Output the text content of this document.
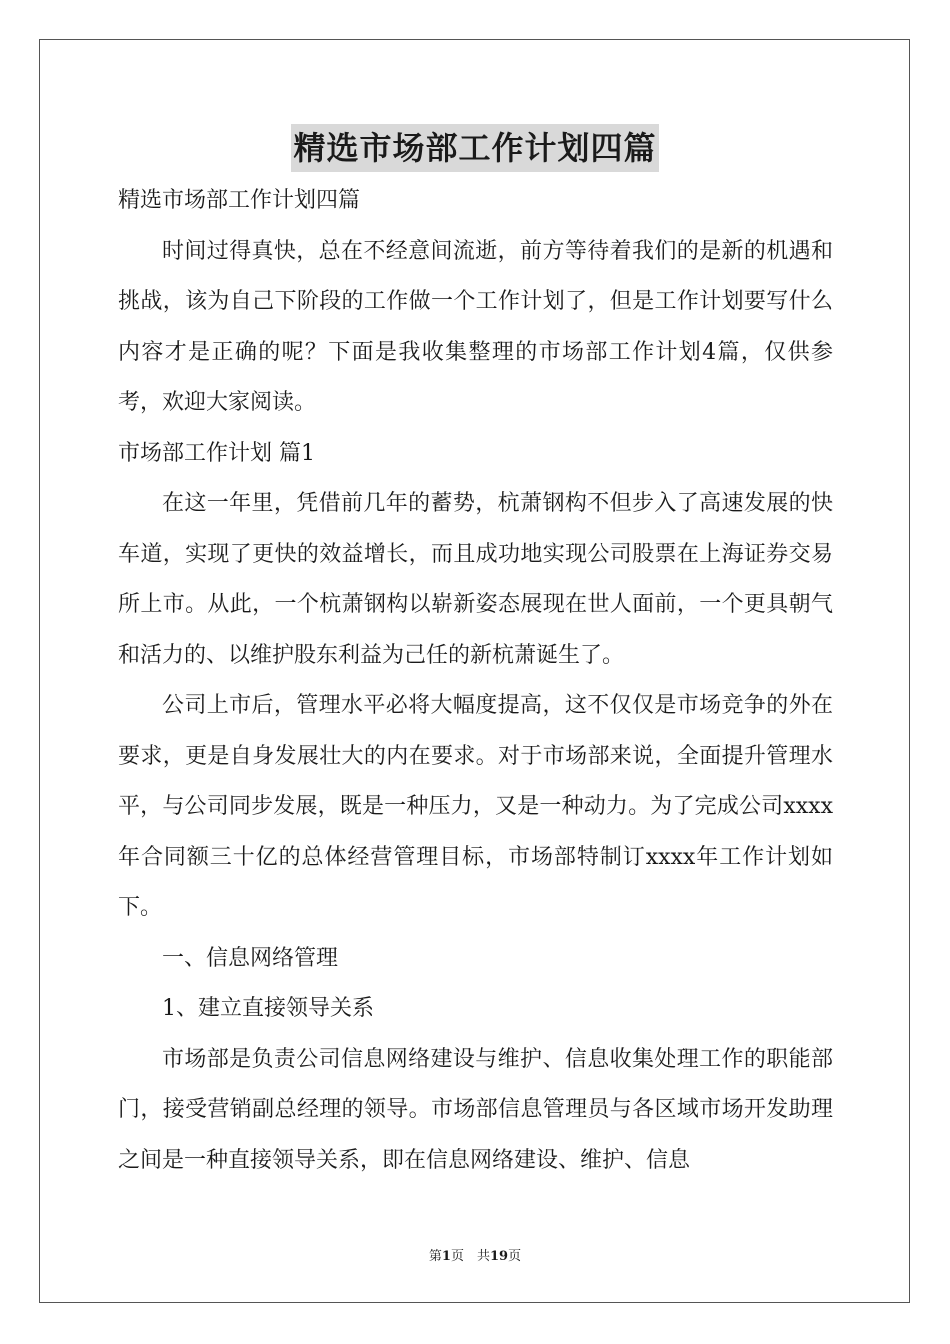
精选市场部工作计划四篇

精选市场部工作计划四篇

时间过得真快，总在不经意间流逝，前方等待着我们的是新的机遇和挑战，该为自己下阶段的工作做一个工作计划了，但是工作计划要写什么内容才是正确的呢？下面是我收集整理的市场部工作计划4篇，仅供参考，欢迎大家阅读。

市场部工作计划 篇1

在这一年里，凭借前几年的蓄势，杭萧钢构不但步入了高速发展的快车道，实现了更快的效益增长，而且成功地实现公司股票在上海证券交易所上市。从此，一个杭萧钢构以崭新姿态展现在世人面前，一个更具朝气和活力的、以维护股东利益为己任的新杭萧诞生了。

公司上市后，管理水平必将大幅度提高，这不仅仅是市场竞争的外在要求，更是自身发展壮大的内在要求。对于市场部来说，全面提升管理水平，与公司同步发展，既是一种压力，又是一种动力。为了完成公司xxxx年合同额三十亿的总体经营管理目标，市场部特制订xxxx年工作计划如下。

一、信息网络管理

1、建立直接领导关系

市场部是负责公司信息网络建设与维护、信息收集处理工作的职能部门，接受营销副总经理的领导。市场部信息管理员与各区域市场开发助理之间是一种直接领导关系，即在信息网络建设、维护、信息

第1页　共19页
